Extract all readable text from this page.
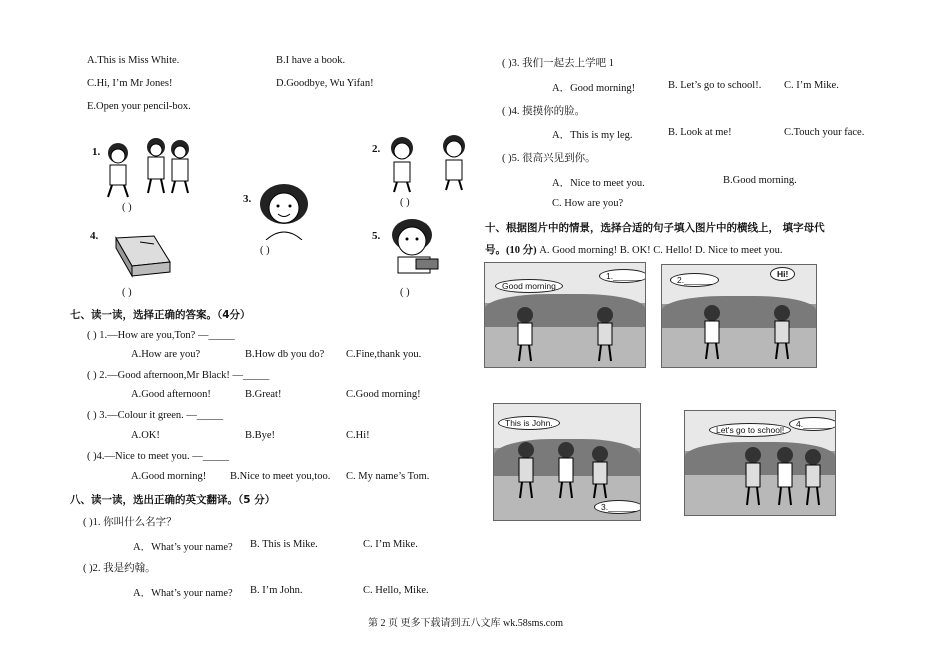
A.This is Miss White.	B.I have a book.
C.Hi, I’m Mr Jones!	D.Goodbye, Wu Yifan!
E.Open your pencil-box.
1.
( )
2.
( )
3.
( )
4.
( )
5.
( )
七、读一读，选择正确的答案。（4分）
( ) 1.—How are you,Ton? —_____
A.How are you?	B.How db you do? C.Fine,thank you.
( ) 2.—Good afternoon,Mr Black! —_____
A.Good afternoon!	B.Great!	C.Good morning!
( ) 3.—Colour it green. —_____
A.OK!	B.Bye!	C.Hi!
( )4.—Nice to meet you. —_____
A.Good morning! B.Nice to meet you,too. C. My name’s Tom.
八、读一读，选出正确的英文翻译。（5 分）
( )1. 你叫什么名字？
A．What’s your name? B. This is Mike.	C. I’m Mike.
( )2. 我是约翰。
A．What’s your name? B. I’m John.	C. Hello, Mike.
( )3. 我们一起去上学吧 1
A．Good morning!	B. Let’s go to school!. C. I’m Mike.
( )4. 摸摸你的脸。
A．This is my leg.	B. Look at me!	C.Touch your face.
( )5. 很高兴见到你。
A．Nice to meet you.	B.Good morning.
C. How are you?
十、根据图片中的情景，选择合适的句子填入图片中的横线上， 填字母代
号。(10 分) A. Good morning! B. OK! C. Hello! D. Nice to meet you.
Good morning
1.______	2.______
Hi!
This is John.
3.______
Let's go to school!
4.______
第 2 页 更多下载请到五八文库 wk.58sms.com
